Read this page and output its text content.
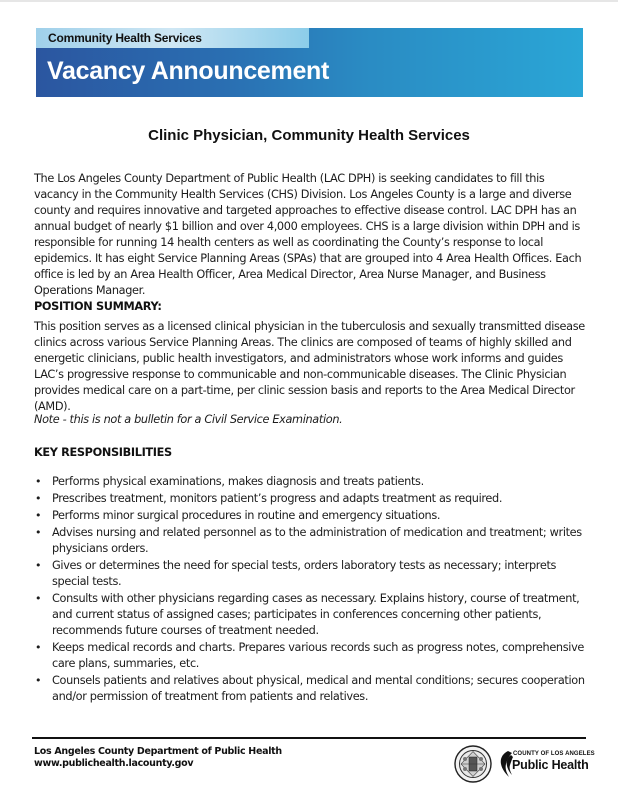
Community Health Services
Vacancy Announcement
Clinic Physician, Community Health Services

The Los Angeles County Department of Public Health (LAC DPH) is seeking candidates to fill this vacancy in the Community Health Services (CHS) Division. Los Angeles County is a large and diverse county and requires innovative and targeted approaches to effective disease control. LAC DPH has an annual budget of nearly $1 billion and over 4,000 employees. CHS is a large division within DPH and is responsible for running 14 health centers as well as coordinating the County’s response to local epidemics. It has eight Service Planning Areas (SPAs) that are grouped into 4 Area Health Offices. Each office is led by an Area Health Officer, Area Medical Director, Area Nurse Manager, and Business Operations Manager.

POSITION SUMMARY:

This position serves as a licensed clinical physician in the tuberculosis and sexually transmitted disease clinics across various Service Planning Areas. The clinics are composed of teams of highly skilled and energetic clinicians, public health investigators, and administrators whose work informs and guides LAC’s progressive response to communicable and non-communicable diseases. The Clinic Physician provides medical care on a part-time, per clinic session basis and reports to the Area Medical Director (AMD).

Note - this is not a bulletin for a Civil Service Examination.

KEY RESPONSIBILITIES
• Performs physical examinations, makes diagnosis and treats patients.
• Prescribes treatment, monitors patient’s progress and adapts treatment as required.
• Performs minor surgical procedures in routine and emergency situations.
• Advises nursing and related personnel as to the administration of medication and treatment; writes physicians orders.
• Gives or determines the need for special tests, orders laboratory tests as necessary; interprets special tests.
• Consults with other physicians regarding cases as necessary. Explains history, course of treatment, and current status of assigned cases; participates in conferences concerning other patients, recommends future courses of treatment needed.
• Keeps medical records and charts. Prepares various records such as progress notes, comprehensive care plans, summaries, etc.
• Counsels patients and relatives about physical, medical and mental conditions; secures cooperation and/or permission of treatment from patients and relatives.
Los Angeles County Department of Public Health
www.publichealth.lacounty.gov
COUNTY OF LOS ANGELES
Public Health
